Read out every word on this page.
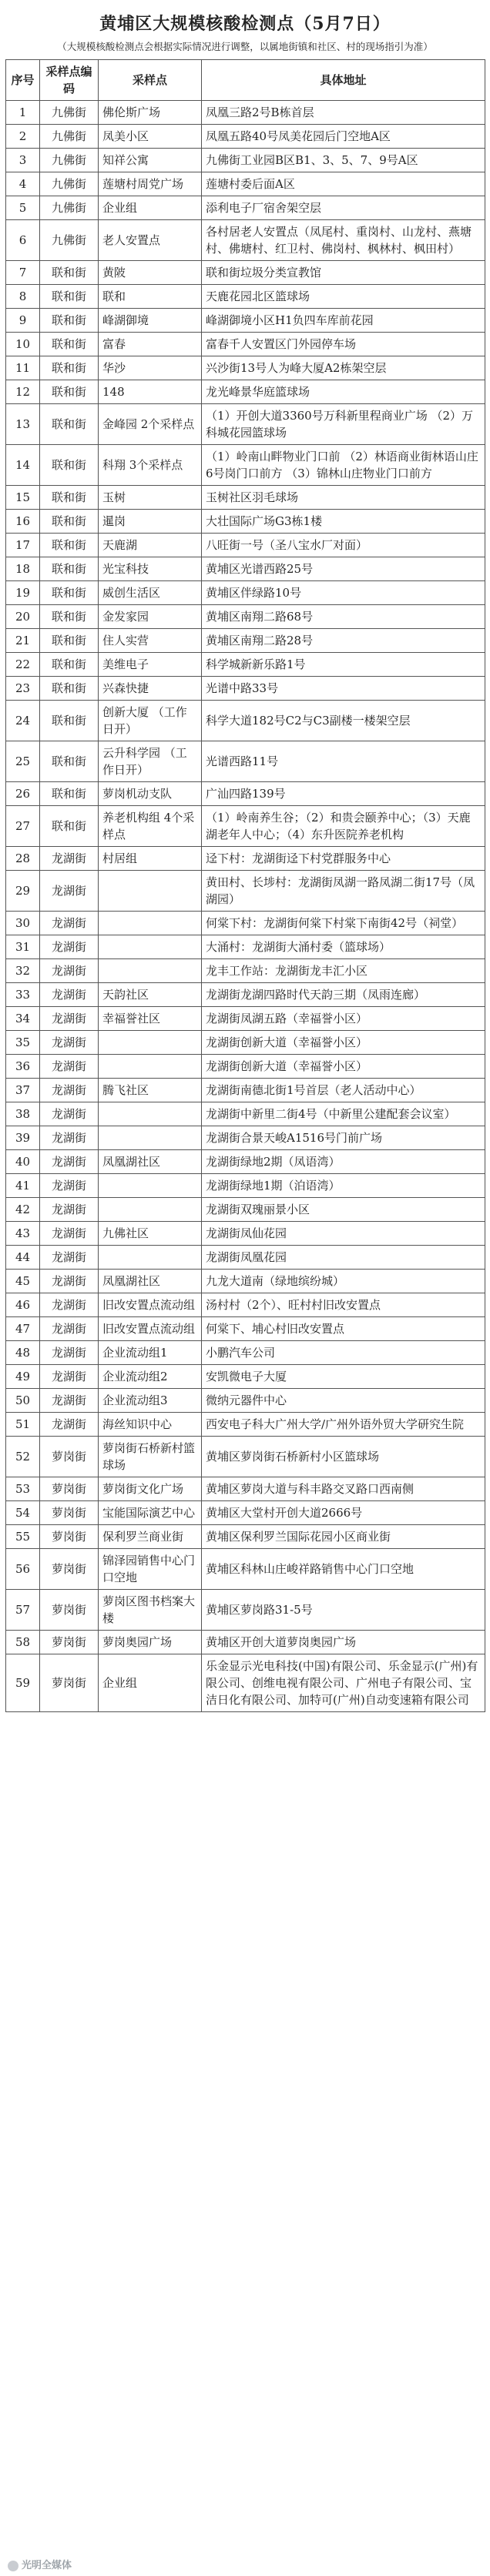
黄埔区大规模核酸检测点（5月7日）
（大规模核酸检测点会根据实际情况进行调整，以属地街镇和社区、村的现场指引为准）
序号	采样点编码	采样点	具体地址
1	九佛街	佛伦斯广场	凤凰三路2号B栋首层
2	九佛街	凤美小区	凤凰五路40号凤美花园后门空地A区
3	九佛街	知祥公寓	九佛街工业园B区B1、3、5、7、9号A区
4	九佛街	莲塘村周党广场	莲塘村委后面A区
5	九佛街	企业组	添利电子厂宿舍架空层
6	九佛街	老人安置点	各村居老人安置点（凤尾村、重岗村、山龙村、燕塘村、佛塘村、红卫村、佛岗村、枫林村、枫田村）
7	联和街	黄陂	联和街垃圾分类宣教馆
8	联和街	联和	天鹿花园北区篮球场
9	联和街	峰湖御境	峰湖御境小区H1负四车库前花园
10	联和街	富春	富春千人安置区门外园停车场
11	联和街	华沙	兴沙街13号人为峰大厦A2栋架空层
12	联和街	148	龙光峰景华庭篮球场
13	联和街	金峰园 2个采样点	（1）开创大道3360号万科新里程商业广场 （2）万科城花园篮球场
14	联和街	科翔 3个采样点	（1）岭南山畔物业门口前 （2）林语商业街林语山庄6号岗门口前方 （3）锦林山庄物业门口前方
15	联和街	玉树	玉树社区羽毛球场
16	联和街	暹岗	大壮国际广场G3栋1楼
17	联和街	天鹿湖	八旺街一号（圣八宝水厂对面）
18	联和街	光宝科技	黄埔区光谱西路25号
19	联和街	威创生活区	黄埔区伴绿路10号
20	联和街	金发家园	黄埔区南翔二路68号
21	联和街	住人实营	黄埔区南翔二路28号
22	联和街	美维电子	科学城新新乐路1号
23	联和街	兴森快捷	光谱中路33号
24	联和街	创新大厦 （工作日开）	科学大道182号C2与C3副楼一楼架空层
25	联和街	云升科学园 （工作日开）	光谱西路11号
26	联和街	萝岗机动支队	广汕四路139号
27	联和街	养老机构组 4个采样点	（1）岭南养生谷；（2）和贵会颐养中心；（3）天鹿湖老年人中心；（4）东升医院养老机构
28	龙湖街	村居组	迳下村：龙湖街迳下村党群服务中心
29	龙湖街		黄田村、长埗村：龙湖街凤湖一路凤湖二街17号（凤湖园）
30	龙湖街		何棠下村：龙湖街何棠下村棠下南街42号（祠堂）
31	龙湖街		大涌村：龙湖街大涌村委（篮球场）
32	龙湖街		龙丰工作站：龙湖街龙丰汇小区
33	龙湖街	天韵社区	龙湖街龙湖四路时代天韵三期（凤雨连廊）
34	龙湖街	幸福誉社区	龙湖街凤湖五路（幸福誉小区）
35	龙湖街		龙湖街创新大道（幸福誉小区）
36	龙湖街		龙湖街创新大道（幸福誉小区）
37	龙湖街	腾飞社区	龙湖街南德北街1号首层（老人活动中心）
38	龙湖街		龙湖街中新里二街4号（中新里公建配套会议室）
39	龙湖街		龙湖街合景天峻A1516号门前广场
40	龙湖街	凤凰湖社区	龙湖街绿地2期（凤语湾）
41	龙湖街		龙湖街绿地1期（泊语湾）
42	龙湖街		龙湖街双瑰丽景小区
43	龙湖街	九佛社区	龙湖街凤仙花园
44	龙湖街		龙湖街凤凰花园
45	龙湖街	凤凰湖社区	九龙大道南（绿地缤纷城）
46	龙湖街	旧改安置点流动组	汤村村（2个）、旺村村旧改安置点
47	龙湖街	旧改安置点流动组	何棠下、埔心村旧改安置点
48	龙湖街	企业流动组1	小鹏汽车公司
49	龙湖街	企业流动组2	安凯微电子大厦
50	龙湖街	企业流动组3	微纳元器件中心
51	龙湖街	海丝知识中心	西安电子科大广州大学/广州外语外贸大学研究生院
52	萝岗街	萝岗街石桥新村篮球场	黄埔区萝岗街石桥新村小区篮球场
53	萝岗街	萝岗街文化广场	黄埔区萝岗大道与科丰路交叉路口西南侧
54	萝岗街	宝能国际演艺中心	黄埔区大堂村开创大道2666号
55	萝岗街	保利罗兰商业街	黄埔区保利罗兰国际花园小区商业街
56	萝岗街	锦泽园销售中心门口空地	黄埔区科林山庄峻祥路销售中心门口空地
57	萝岗街	萝岗区图书档案大楼	黄埔区萝岗路31-5号
58	萝岗街	萝岗奥园广场	黄埔区开创大道萝岗奥园广场
59	萝岗街	企业组	乐金显示光电科技(中国)有限公司、乐金显示(广州)有限公司、创维电视有限公司、广州电子有限公司、宝洁日化有限公司、加特可(广州)自动变速箱有限公司
光明全媒体
